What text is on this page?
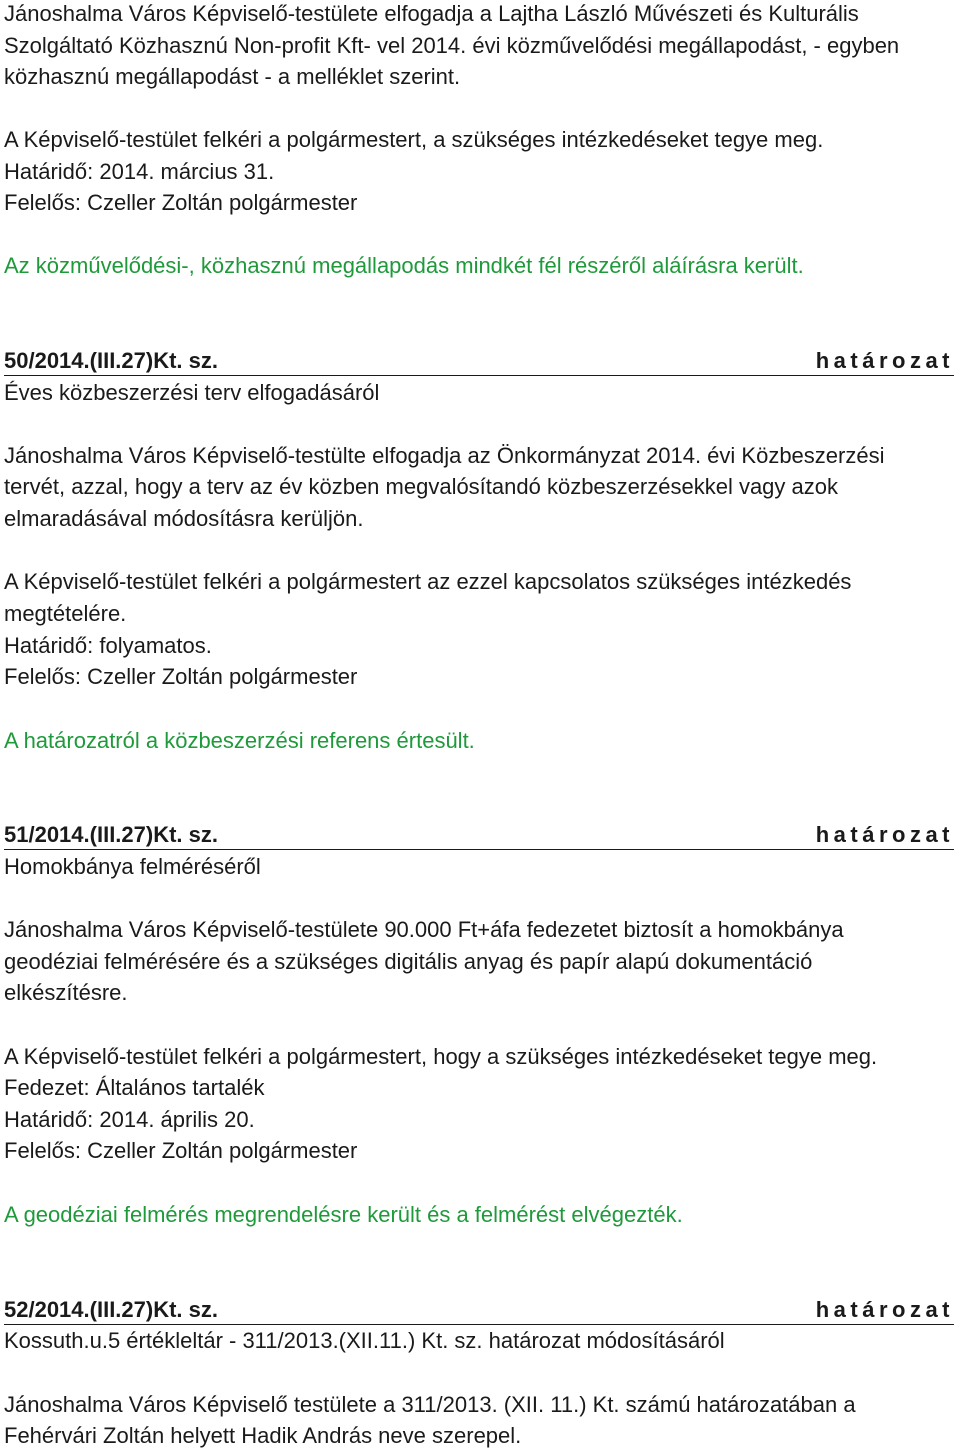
Jánoshalma Város Képviselő-testülete elfogadja a Lajtha László Művészeti és Kulturális
Szolgáltató Közhasznú Non-profit Kft- vel 2014. évi közművelődési megállapodást, - egyben
közhasznú megállapodást - a melléklet szerint.
A Képviselő-testület felkéri a polgármestert, a szükséges intézkedéseket tegye meg.
Határidő: 2014. március 31.
Felelős: Czeller Zoltán polgármester
Az közművelődési-, közhasznú megállapodás mindkét fél részéről aláírásra került.
50/2014.(III.27)Kt. sz.	határozat
Éves közbeszerzési terv elfogadásáról
Jánoshalma Város Képviselő-testülte elfogadja az Önkormányzat 2014. évi Közbeszerzési
tervét, azzal, hogy a terv az év közben megvalósítandó közbeszerzésekkel vagy azok
elmaradásával módosításra kerüljön.
A Képviselő-testület felkéri a polgármestert az ezzel kapcsolatos szükséges intézkedés
megtételére.
Határidő: folyamatos.
Felelős: Czeller Zoltán polgármester
A határozatról a közbeszerzési referens értesült.
51/2014.(III.27)Kt. sz.	határozat
Homokbánya felméréséről
Jánoshalma Város Képviselő-testülete 90.000 Ft+áfa fedezetet biztosít a homokbánya
geodéziai felmérésére és a szükséges digitális anyag és papír alapú dokumentáció
elkészítésre.
A Képviselő-testület felkéri a polgármestert, hogy a szükséges intézkedéseket tegye meg.
Fedezet: Általános tartalék
Határidő: 2014. április 20.
Felelős: Czeller Zoltán polgármester
A geodéziai felmérés megrendelésre került és a felmérést elvégezték.
52/2014.(III.27)Kt. sz.	határozat
Kossuth.u.5 értékleltár - 311/2013.(XII.11.) Kt. sz. határozat módosításáról
Jánoshalma Város Képviselő testülete a 311/2013. (XII. 11.) Kt. számú határozatában a
Fehérvári Zoltán helyett Hadik András neve szerepel.
